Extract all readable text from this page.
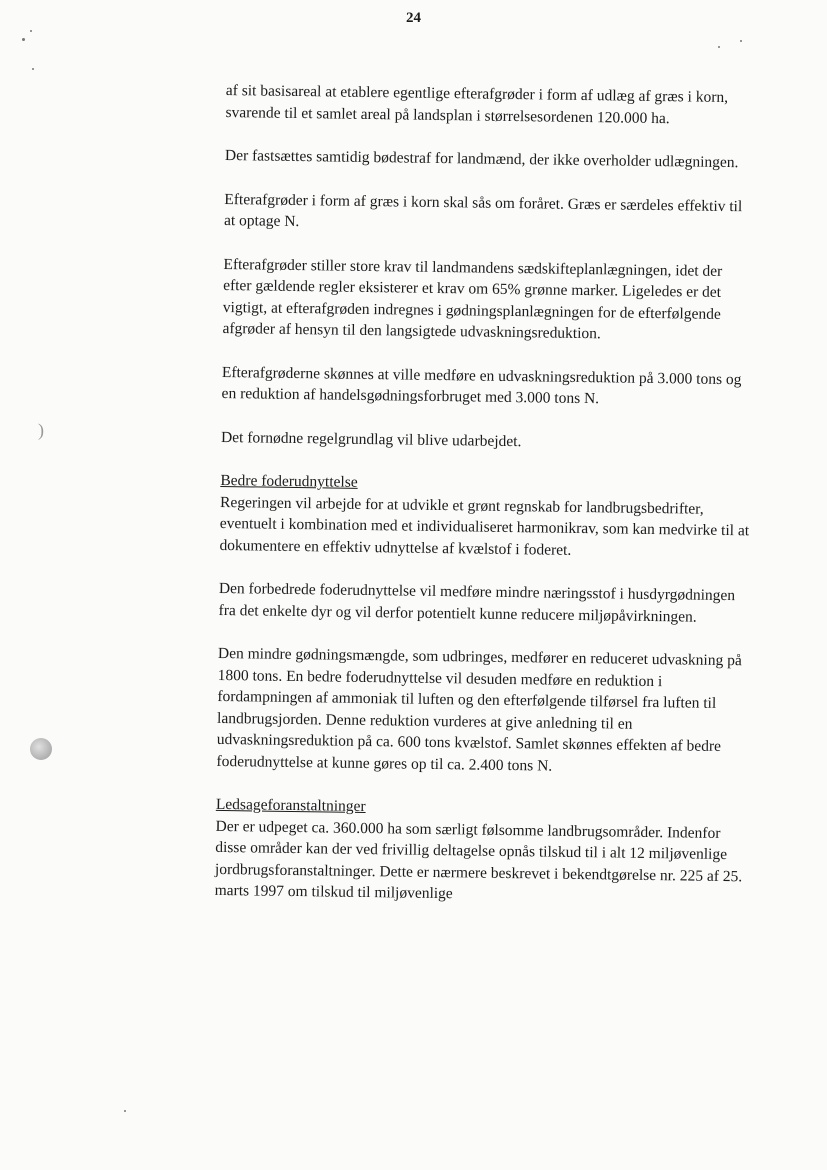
24
)

af sit basisareal at etablere egentlige efterafgrøder i form af udlæg af græs i korn, svarende til et samlet areal på landsplan i størrelsesordenen 120.000 ha.

Der fastsættes samtidig bødestraf for landmænd, der ikke overholder udlægningen.

Efterafgrøder i form af græs i korn skal sås om foråret. Græs er særdeles effektiv til at optage N.

Efterafgrøder stiller store krav til landmandens sædskifteplanlægningen, idet der efter gældende regler eksisterer et krav om 65% grønne marker. Ligeledes er det vigtigt, at efterafgrøden indregnes i gødningsplanlægningen for de efterfølgende afgrøder af hensyn til den langsigtede udvaskningsreduktion.

Efterafgrøderne skønnes at ville medføre en udvaskningsreduktion på 3.000 tons og en reduktion af handelsgødningsforbruget med 3.000 tons N.

Det fornødne regelgrundlag vil blive udarbejdet.

Bedre foderudnyttelse
Regeringen vil arbejde for at udvikle et grønt regnskab for landbrugsbedrifter, eventuelt i kombination med et individualiseret harmonikrav, som kan medvirke til at dokumentere en effektiv udnyttelse af kvælstof i foderet.

Den forbedrede foderudnyttelse vil medføre mindre næringsstof i husdyrgødningen fra det enkelte dyr og vil derfor potentielt kunne reducere miljøpåvirkningen.

Den mindre gødningsmængde, som udbringes, medfører en reduceret udvaskning på 1800 tons. En bedre foderudnyttelse vil desuden medføre en reduktion i fordampningen af ammoniak til luften og den efterfølgende tilførsel fra luften til landbrugsjorden. Denne reduktion vurderes at give anledning til en udvaskningsreduktion på ca. 600 tons kvælstof. Samlet skønnes effekten af bedre foderudnyttelse at kunne gøres op til ca. 2.400 tons N.

Ledsageforanstaltninger
Der er udpeget ca. 360.000 ha som særligt følsomme landbrugsområder. Indenfor disse områder kan der ved frivillig deltagelse opnås tilskud til i alt 12 miljøvenlige jordbrugsforanstaltninger. Dette er nærmere beskrevet i bekendtgørelse nr. 225 af 25. marts 1997 om tilskud til miljøvenlige
